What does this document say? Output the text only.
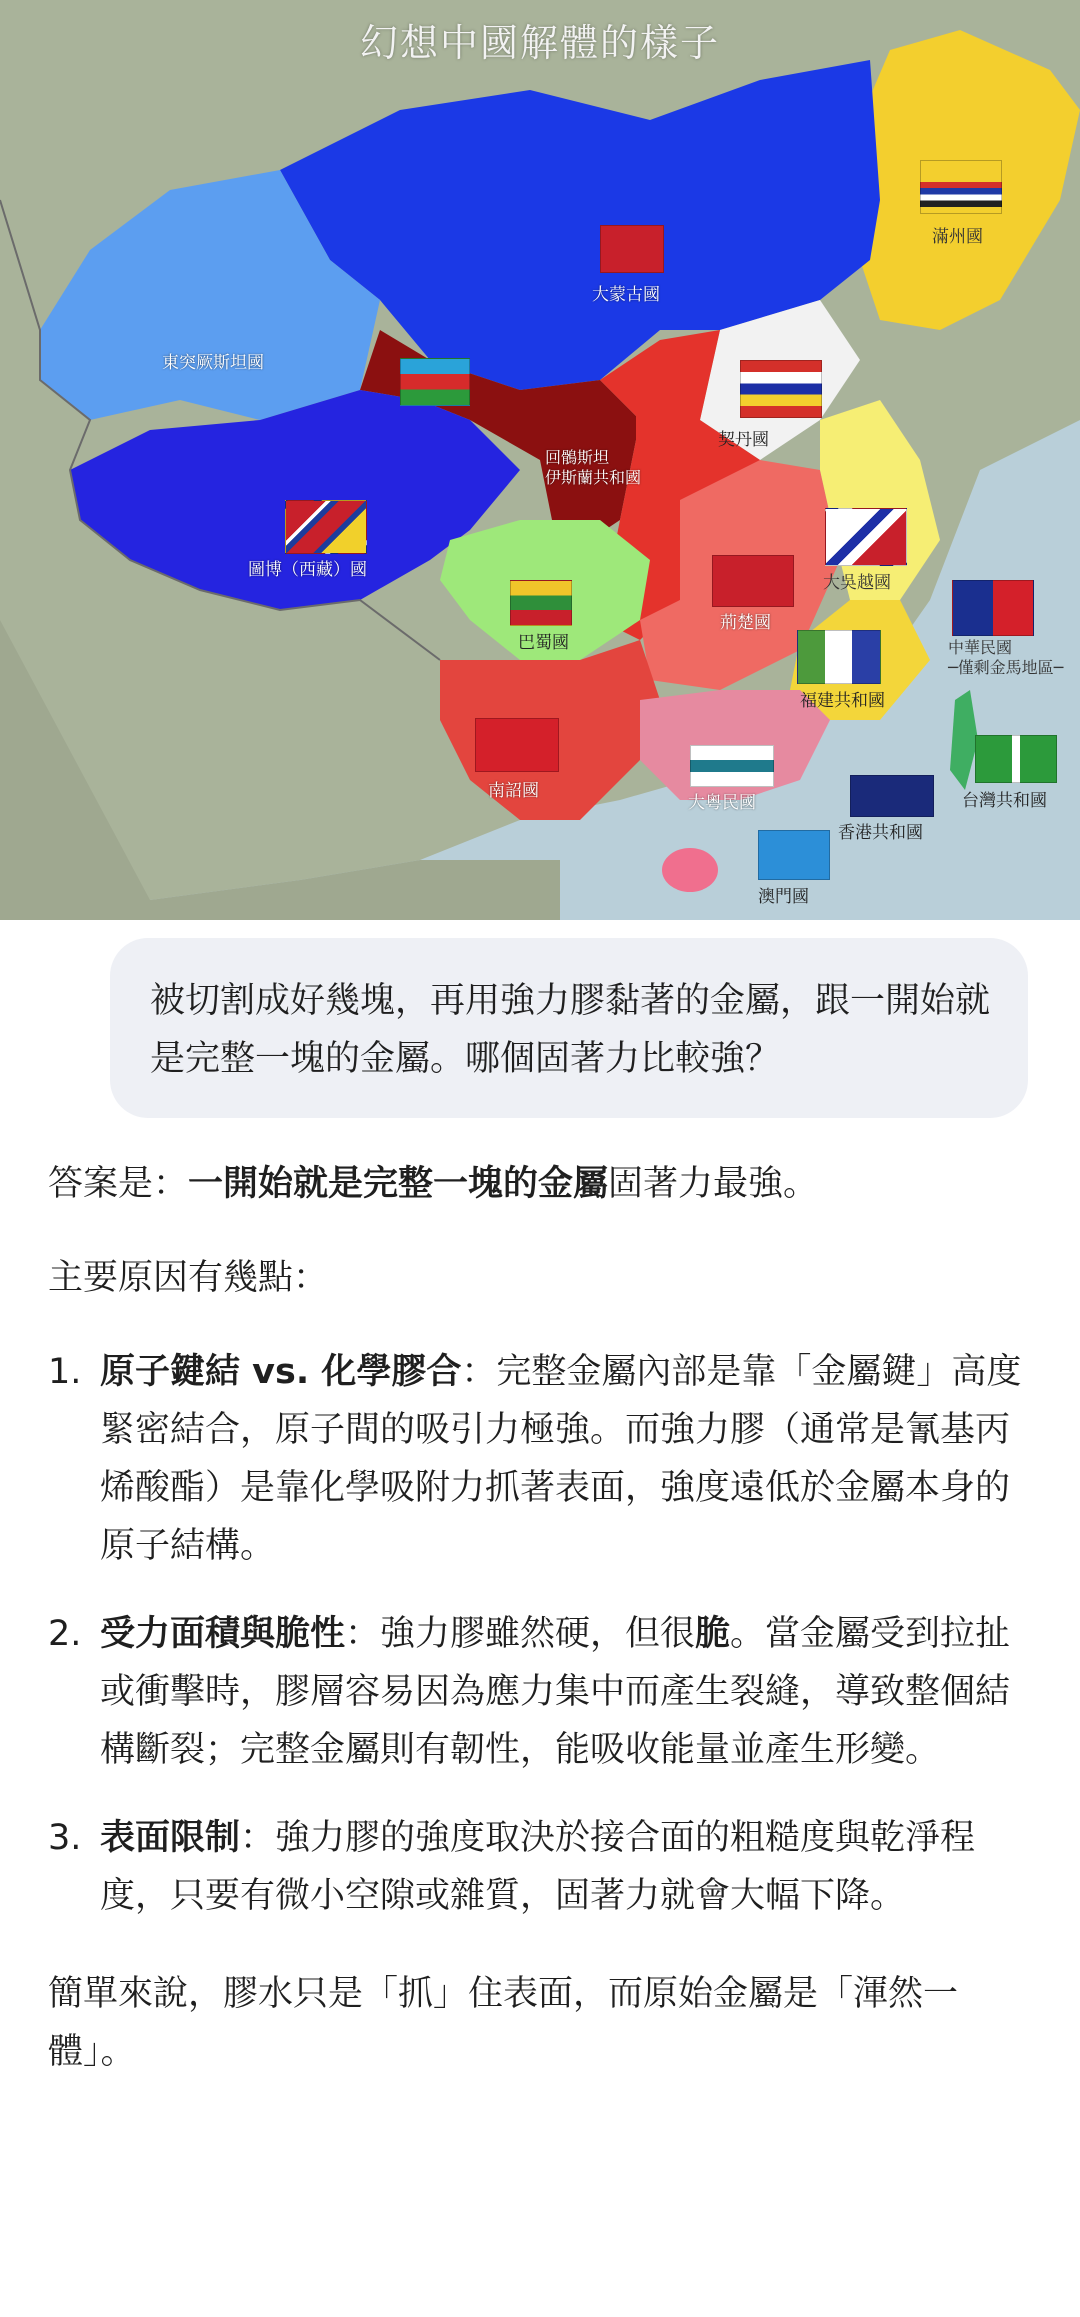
幻想中國解體的樣子
滿州國
大蒙古國
東突厥斯坦國
回鶻斯坦
伊斯蘭共和國
圖博（西藏）國
契丹國
巴蜀國
荊楚國
大吳越國
福建共和國
中華民國
─僅剩金馬地區─
南詔國
大粵民國
香港共和國
台灣共和國
澳門國
被切割成好幾塊，再用強力膠黏著的金屬，跟一開始就是完整一塊的金屬。哪個固著力比較強？

答案是：一開始就是完整一塊的金屬固著力最強。

主要原因有幾點：

1. 原子鍵結 vs. 化學膠合：完整金屬內部是靠「金屬鍵」高度緊密結合，原子間的吸引力極強。而強力膠（通常是氰基丙烯酸酯）是靠化學吸附力抓著表面，強度遠低於金屬本身的原子結構。
2. 受力面積與脆性：強力膠雖然硬，但很脆。當金屬受到拉扯或衝擊時，膠層容易因為應力集中而產生裂縫，導致整個結構斷裂；完整金屬則有韌性，能吸收能量並產生形變。
3. 表面限制：強力膠的強度取決於接合面的粗糙度與乾淨程度，只要有微小空隙或雜質，固著力就會大幅下降。

簡單來說，膠水只是「抓」住表面，而原始金屬是「渾然一體」。
